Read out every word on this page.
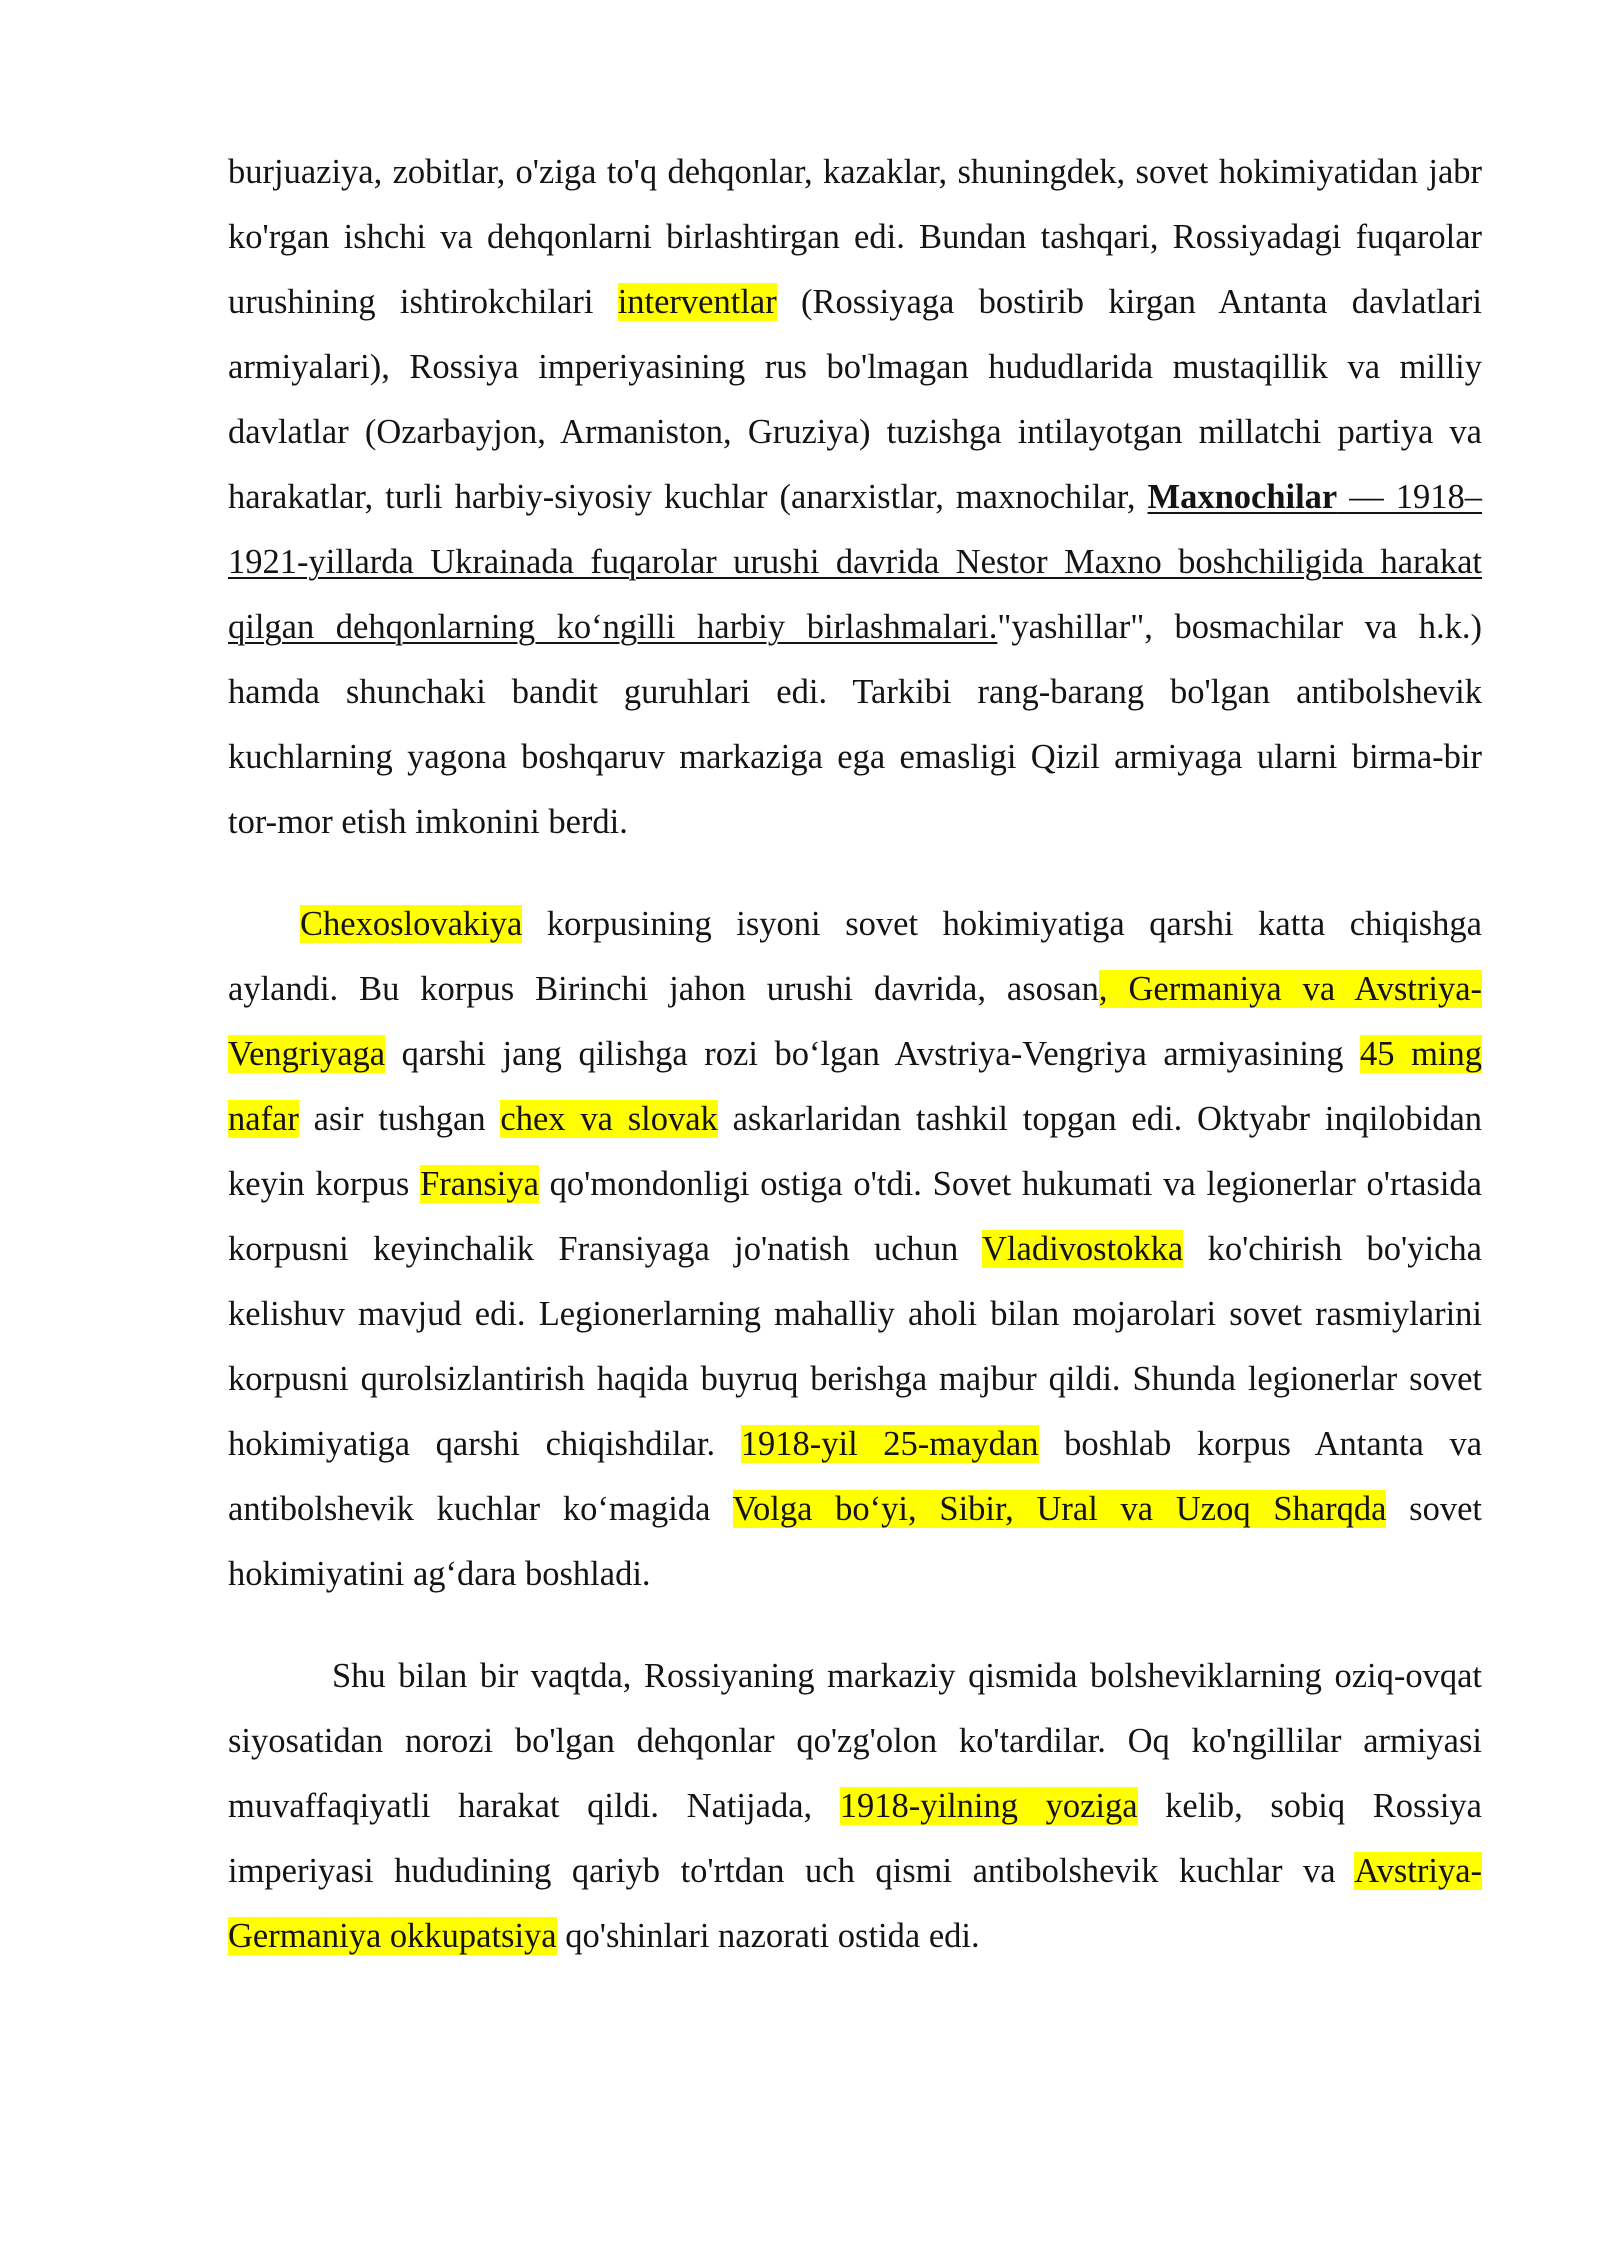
burjuaziya, zobitlar, o'ziga to'q dehqonlar, kazaklar, shuningdek, sovet hokimiyatidan jabr ko'rgan ishchi va dehqonlarni birlashtirgan edi. Bundan tashqari, Rossiyadagi fuqarolar urushining ishtirokchilari interventlar (Rossiyaga bostirib kirgan Antanta davlatlari armiyalari), Rossiya imperiyasining rus bo'lmagan hududlarida mustaqillik va milliy davlatlar (Ozarbayjon, Armaniston, Gruziya) tuzishga intilayotgan millatchi partiya va harakatlar, turli harbiy-siyosiy kuchlar (anarxistlar, maxnochilar, Maxnochilar — 1918–1921-yillarda Ukrainada fuqarolar urushi davrida Nestor Maxno boshchiligida harakat qilgan dehqonlarning ko‘ngilli harbiy birlashmalari."yashillar", bosmachilar va h.k.) hamda shunchaki bandit guruhlari edi. Tarkibi rang-barang bo'lgan antibolshevik kuchlarning yagona boshqaruv markaziga ega emasligi Qizil armiyaga ularni birma-bir tor-mor etish imkonini berdi.

Chexoslovakiya korpusining isyoni sovet hokimiyatiga qarshi katta chiqishga aylandi. Bu korpus Birinchi jahon urushi davrida, asosan, Germaniya va Avstriya-Vengriyaga qarshi jang qilishga rozi bo‘lgan Avstriya-Vengriya armiyasining 45 ming nafar asir tushgan chex va slovak askarlaridan tashkil topgan edi. Oktyabr inqilobidan keyin korpus Fransiya qo'mondonligi ostiga o'tdi. Sovet hukumati va legionerlar o'rtasida korpusni keyinchalik Fransiyaga jo'natish uchun Vladivostokka ko'chirish bo'yicha kelishuv mavjud edi. Legionerlarning mahalliy aholi bilan mojarolari sovet rasmiylarini korpusni qurolsizlantirish haqida buyruq berishga majbur qildi. Shunda legionerlar sovet hokimiyatiga qarshi chiqishdilar. 1918-yil 25-maydan boshlab korpus Antanta va antibolshevik kuchlar ko‘magida Volga bo‘yi, Sibir, Ural va Uzoq Sharqda sovet hokimiyatini ag‘dara boshladi.

Shu bilan bir vaqtda, Rossiyaning markaziy qismida bolsheviklarning oziq-ovqat siyosatidan norozi bo'lgan dehqonlar qo'zg'olon ko'tardilar. Oq ko'ngillilar armiyasi muvaffaqiyatli harakat qildi. Natijada, 1918-yilning yoziga kelib, sobiq Rossiya imperiyasi hududining qariyb to'rtdan uch qismi antibolshevik kuchlar va Avstriya-Germaniya okkupatsiya qo'shinlari nazorati ostida edi.
